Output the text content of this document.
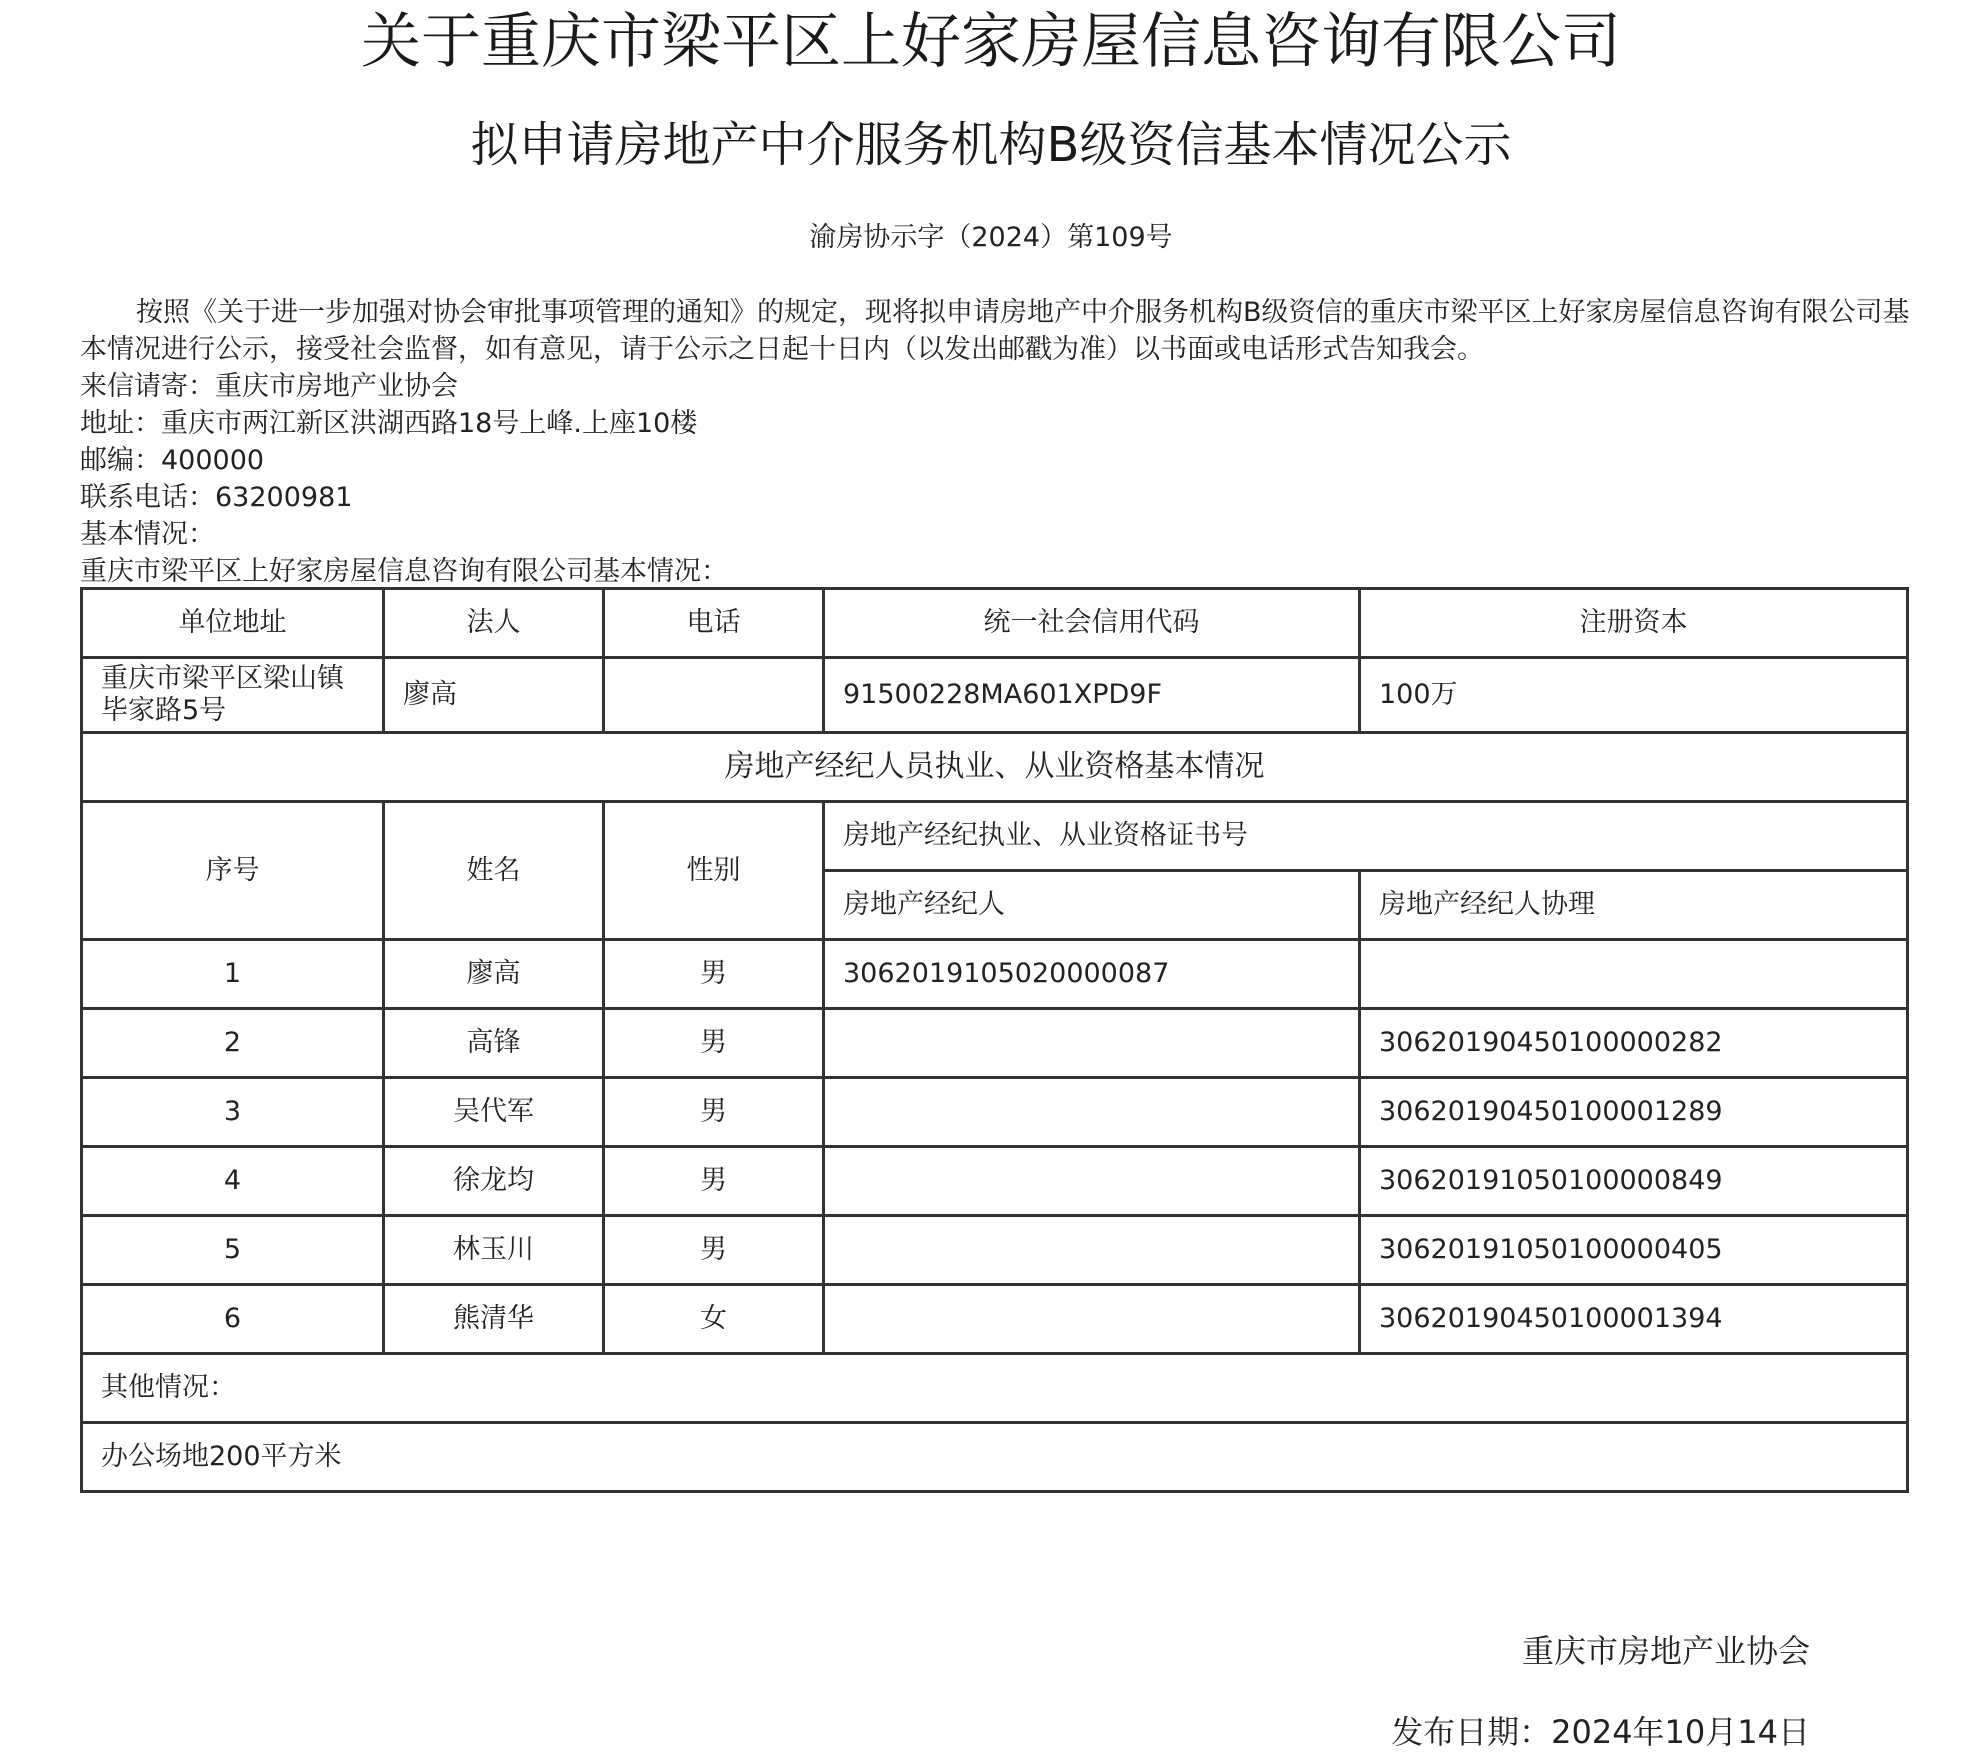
关于重庆市梁平区上好家房屋信息咨询有限公司
拟申请房地产中介服务机构B级资信基本情况公示
渝房协示字（2024）第109号

按照《关于进一步加强对协会审批事项管理的通知》的规定，现将拟申请房地产中介服务机构B级资信的重庆市梁平区上好家房屋信息咨询有限公司基本情况进行公示，接受社会监督，如有意见，请于公示之日起十日内（以发出邮戳为准）以书面或电话形式告知我会。

来信请寄：重庆市房地产业协会

地址：重庆市两江新区洪湖西路18号上峰.上座10楼

邮编：400000

联系电话：63200981

基本情况：

重庆市梁平区上好家房屋信息咨询有限公司基本情况：

单位地址	法人	电话	统一社会信用代码	注册资本
重庆市梁平区梁山镇毕家路5号	廖高		91500228MA601XPD9F	100万
房地产经纪人员执业、从业资格基本情况				
序号	姓名	性别	房地产经纪执业、从业资格证书号	
			房地产经纪人	房地产经纪人协理
1	廖高	男	3062019105020000087	
2	高锋	男		30620190450100000282
3	吴代军	男		30620190450100001289
4	徐龙均	男		30620191050100000849
5	林玉川	男		30620191050100000405
6	熊清华	女		30620190450100001394
其他情况：				
办公场地200平方米				
重庆市房地产业协会
发布日期：2024年10月14日
